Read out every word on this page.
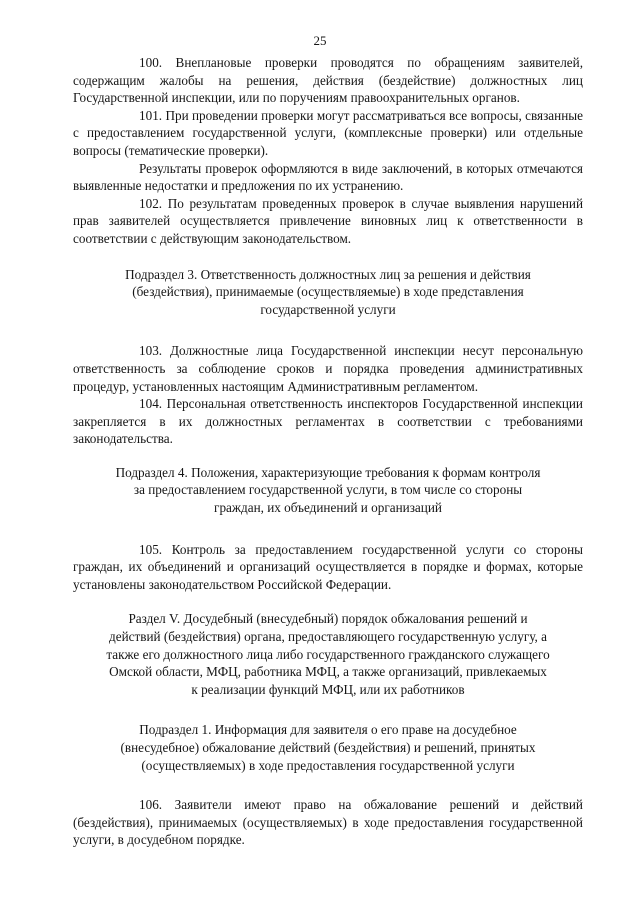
25

100. Внеплановые проверки проводятся по обращениям заявителей, содержащим жалобы на решения, действия (бездействие) должностных лиц Государственной инспекции, или по поручениям правоохранительных органов.

101. При проведении проверки могут рассматриваться все вопросы, связанные с предоставлением государственной услуги, (комплексные проверки) или отдельные вопросы (тематические проверки).

Результаты проверок оформляются в виде заключений, в которых отмечаются выявленные недостатки и предложения по их устранению.

102. По результатам проведенных проверок в случае выявления нарушений прав заявителей осуществляется привлечение виновных лиц к ответственности в соответствии с действующим законодательством.

Подраздел 3. Ответственность должностных лиц за решения и действия
(бездействия), принимаемые (осуществляемые) в ходе представления
государственной услуги

103. Должностные лица Государственной инспекции несут персональную ответственность за соблюдение сроков и порядка проведения административных процедур, установленных настоящим Административным регламентом.

104. Персональная ответственность инспекторов Государственной инспекции закрепляется в их должностных регламентах в соответствии с требованиями законодательства.

Подраздел 4. Положения, характеризующие требования к формам контроля
за предоставлением государственной услуги, в том числе со стороны
граждан, их объединений и организаций

105. Контроль за предоставлением государственной услуги со стороны граждан, их объединений и организаций осуществляется в порядке и формах, которые установлены законодательством Российской Федерации.

Раздел V. Досудебный (внесудебный) порядок обжалования решений и
действий (бездействия) органа, предоставляющего государственную услугу, а
также его должностного лица либо государственного гражданского служащего
Омской области, МФЦ, работника МФЦ, а также организаций, привлекаемых
к реализации функций МФЦ, или их работников
Подраздел 1. Информация для заявителя о его праве на досудебное
(внесудебное) обжалование действий (бездействия) и решений, принятых
(осуществляемых) в ходе предоставления государственной услуги

106. Заявители имеют право на обжалование решений и действий (бездействия), принимаемых (осуществляемых) в ходе предоставления государственной услуги, в досудебном порядке.
